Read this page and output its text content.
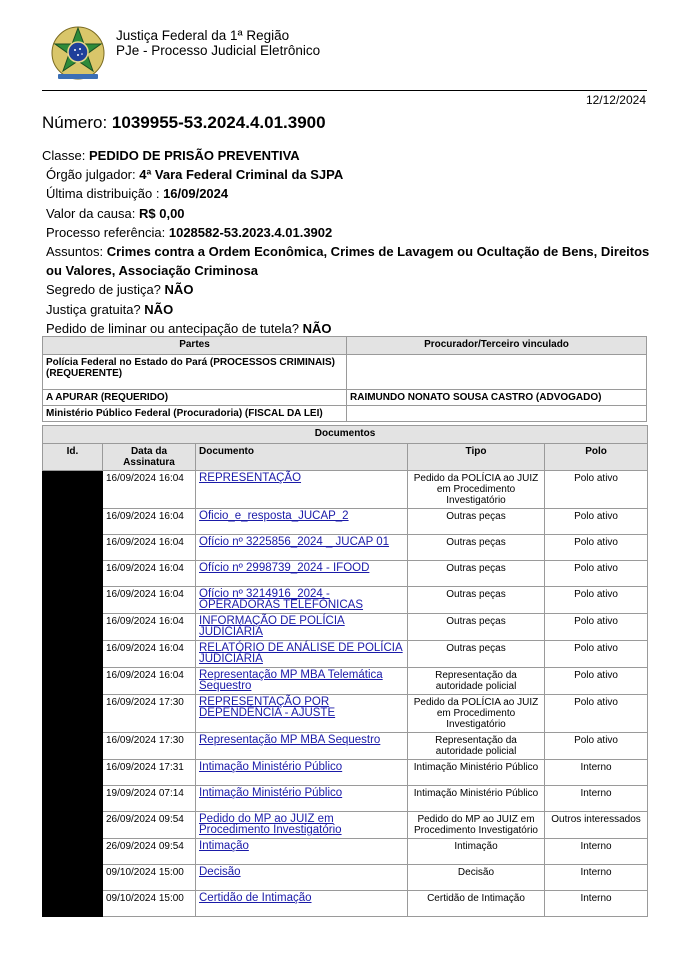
Justiça Federal da 1ª Região
PJe - Processo Judicial Eletrônico
12/12/2024
Número: 1039955-53.2024.4.01.3900
Classe: PEDIDO DE PRISÃO PREVENTIVA
Órgão julgador: 4ª Vara Federal Criminal da SJPA
Última distribuição : 16/09/2024
Valor da causa: R$ 0,00
Processo referência: 1028582-53.2023.4.01.3902
Assuntos: Crimes contra a Ordem Econômica, Crimes de Lavagem ou Ocultação de Bens, Direitos ou Valores, Associação Criminosa
Segredo de justiça? NÃO
Justiça gratuita? NÃO
Pedido de liminar ou antecipação de tutela? NÃO
Partes	Procurador/Terceiro vinculado
Polícia Federal no Estado do Pará (PROCESSOS CRIMINAIS) (REQUERENTE)	
A APURAR (REQUERIDO)	RAIMUNDO NONATO SOUSA CASTRO (ADVOGADO)
Ministério Público Federal (Procuradoria) (FISCAL DA LEI)	
Documentos				
Id.	Data da Assinatura	Documento	Tipo	Polo
	16/09/2024 16:04	REPRESENTAÇÃO	Pedido da POLÍCIA ao JUIZ em Procedimento Investigatório	Polo ativo
	16/09/2024 16:04	Oficio_e_resposta_JUCAP_2	Outras peças	Polo ativo
	16/09/2024 16:04	Ofício nº 3225856_2024 _ JUCAP 01	Outras peças	Polo ativo
	16/09/2024 16:04	Ofício nº 2998739_2024 - IFOOD	Outras peças	Polo ativo
	16/09/2024 16:04	Ofício nº 3214916_2024 - OPERADORAS TELEFÔNICAS	Outras peças	Polo ativo
	16/09/2024 16:04	INFORMAÇÃO DE POLÍCIA JUDICIÁRIA	Outras peças	Polo ativo
	16/09/2024 16:04	RELATÓRIO DE ANÁLISE DE POLÍCIA JUDICIÁRIA	Outras peças	Polo ativo
	16/09/2024 16:04	Representação MP MBA Telemática Sequestro	Representação da autoridade policial	Polo ativo
	16/09/2024 17:30	REPRESENTAÇÃO POR DEPENDÊNCIA - AJUSTE	Pedido da POLÍCIA ao JUIZ em Procedimento Investigatório	Polo ativo
	16/09/2024 17:30	Representação MP MBA Sequestro	Representação da autoridade policial	Polo ativo
	16/09/2024 17:31	Intimação Ministério Público	Intimação Ministério Público	Interno
	19/09/2024 07:14	Intimação Ministério Público	Intimação Ministério Público	Interno
	26/09/2024 09:54	Pedido do MP ao JUIZ em Procedimento Investigatório	Pedido do MP ao JUIZ em Procedimento Investigatório	Outros interessados
	26/09/2024 09:54	Intimação	Intimação	Interno
	09/10/2024 15:00	Decisão	Decisão	Interno
	09/10/2024 15:00	Certidão de Intimação	Certidão de Intimação	Interno
